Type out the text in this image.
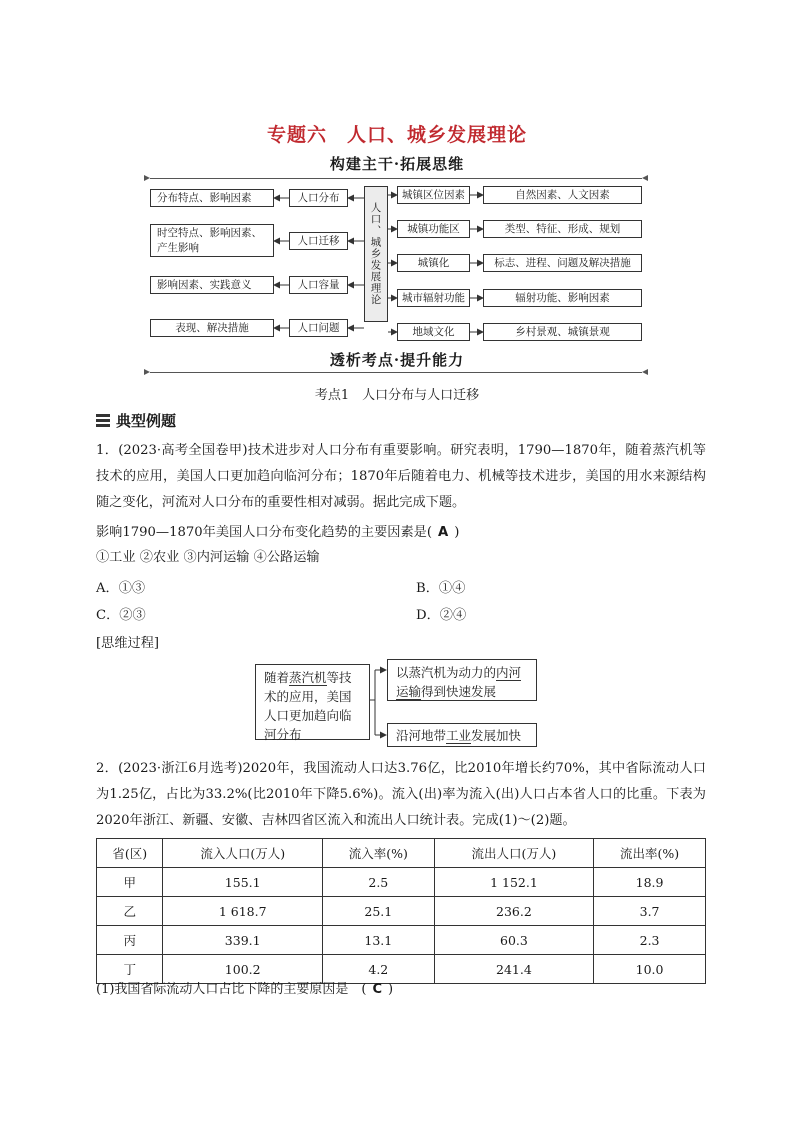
专题六　人口、城乡发展理论
构建主干·拓展思维
人口、城乡发展理论
人口分布
分布特点、影响因素
人口迁移
时空特点、影响因素、产生影响
人口容量
影响因素、实践意义
人口问题
表现、解决措施
城镇区位因素	自然因素、人文因素
城镇功能区	类型、特征、形成、规划
城镇化	标志、进程、问题及解决措施
城市辐射功能	辐射功能、影响因素
地域文化	乡村景观、城镇景观
透析考点·提升能力
考点1　人口分布与人口迁移
典型例题
1．(2023·高考全国卷甲)技术进步对人口分布有重要影响。研究表明，1790—1870年，随着蒸汽机等技术的应用，美国人口更加趋向临河分布；1870年后随着电力、机械等技术进步，美国的用水来源结构随之变化，河流对人口分布的重要性相对减弱。据此完成下题。
影响1790—1870年美国人口分布变化趋势的主要因素是( A )
①工业 ②农业 ③内河运输 ④公路运输
A．①③	B．①④
C．②③	D．②④
[思维过程]
随着蒸汽机等技术的应用，美国人口更加趋向临河分布
以蒸汽机为动力的内河运输得到快速发展
沿河地带工业发展加快
2．(2023·浙江6月选考)2020年，我国流动人口达3.76亿，比2010年增长约70%，其中省际流动人口为1.25亿，占比为33.2%(比2010年下降5.6%)。流入(出)率为流入(出)人口占本省人口的比重。下表为2020年浙江、新疆、安徽、吉林四省区流入和流出人口统计表。完成(1)～(2)题。
省(区)	流入人口(万人)	流入率(%)	流出人口(万人)	流出率(%)
甲	155.1	2.5	1 152.1	18.9
乙	1 618.7	25.1	236.2	3.7
丙	339.1	13.1	60.3	2.3
丁	100.2	4.2	241.4	10.0
(1)我国省际流动人口占比下降的主要原因是　( C )
